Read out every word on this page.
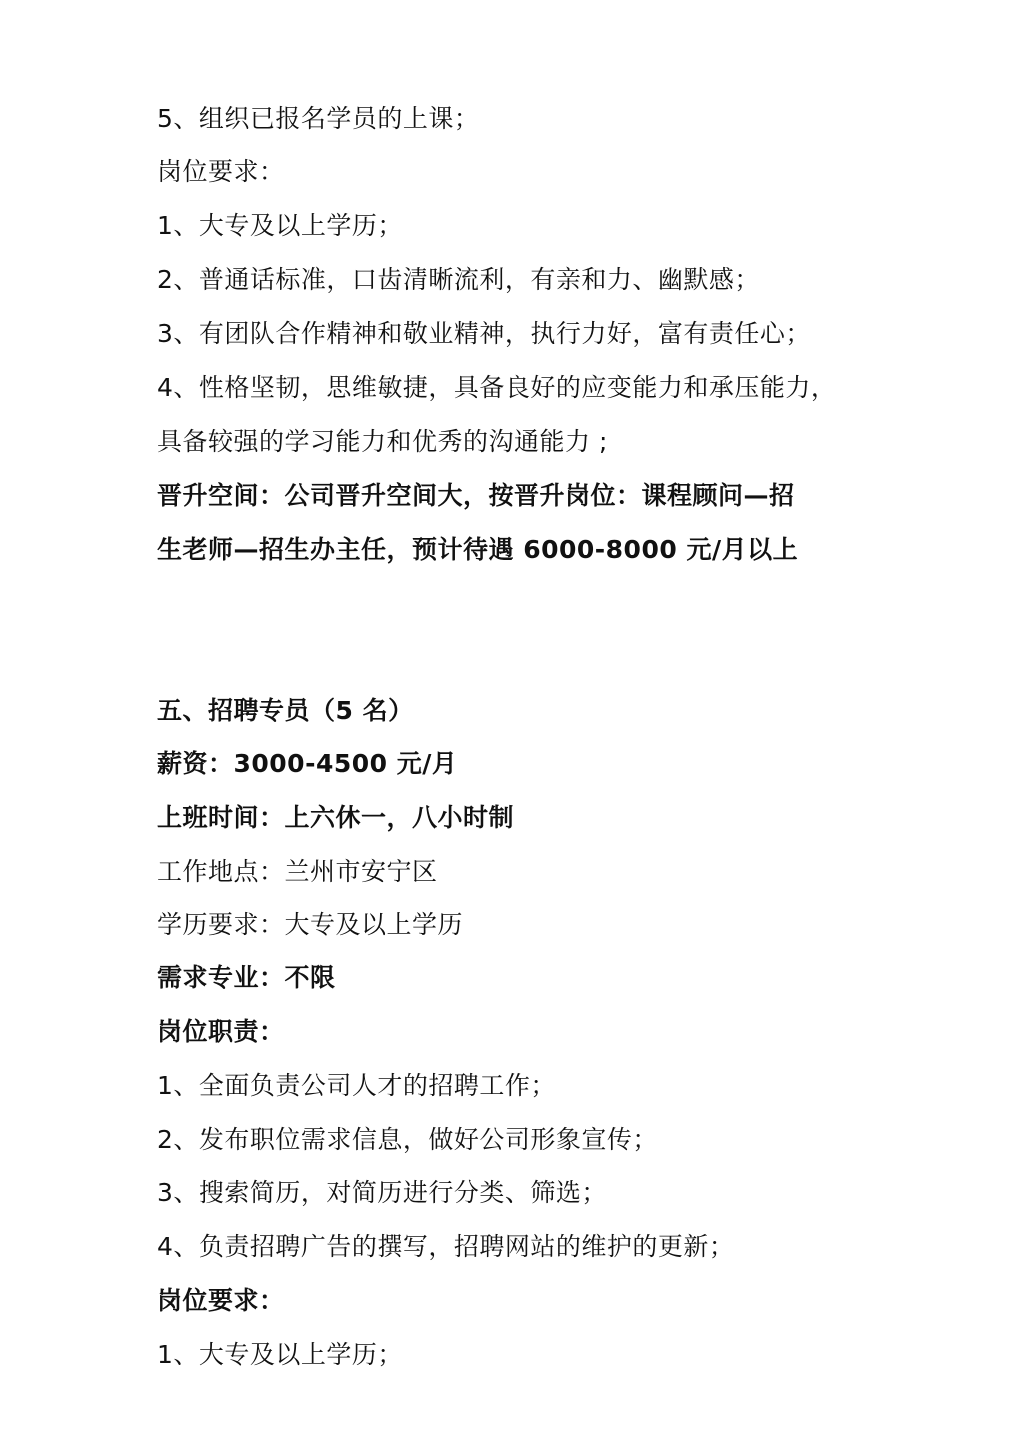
5、组织已报名学员的上课；
岗位要求：
1、大专及以上学历；
2、普通话标准，口齿清晰流利，有亲和力、幽默感；
3、有团队合作精神和敬业精神，执行力好，富有责任心；
4、性格坚韧，思维敏捷，具备良好的应变能力和承压能力，
具备较强的学习能力和优秀的沟通能力 ;
晋升空间：公司晋升空间大，按晋升岗位：课程顾问—招
生老师—招生办主任，预计待遇 6000-8000 元/月以上
五、招聘专员（5 名）
薪资：3000-4500 元/月
上班时间：上六休一，八小时制
工作地点：兰州市安宁区
学历要求：大专及以上学历
需求专业：不限
岗位职责：
1、全面负责公司人才的招聘工作；
2、发布职位需求信息，做好公司形象宣传；
3、搜索简历，对简历进行分类、筛选；
4、负责招聘广告的撰写，招聘网站的维护的更新；
岗位要求：
1、大专及以上学历；
